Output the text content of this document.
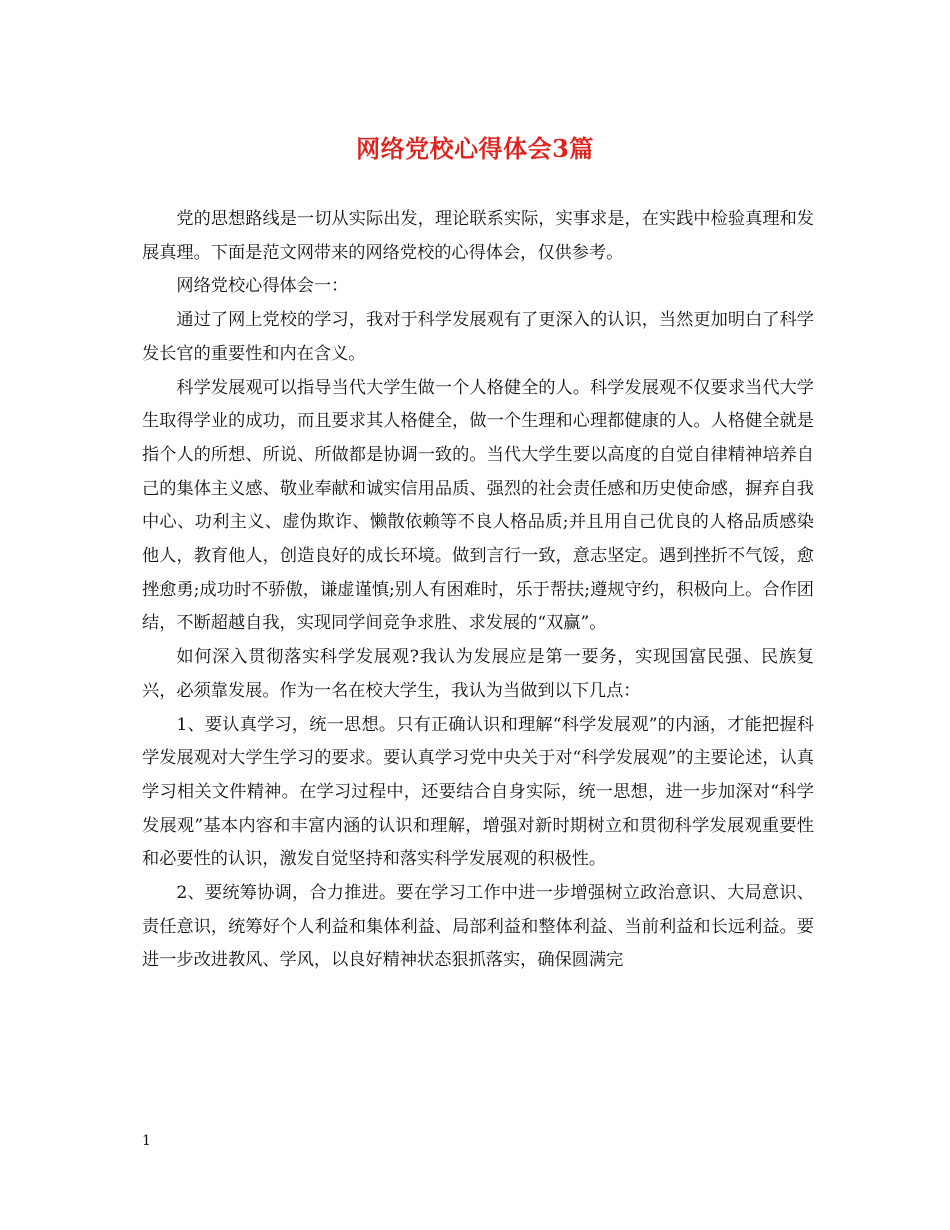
网络党校心得体会3篇

党的思想路线是一切从实际出发，理论联系实际，实事求是，在实践中检验真理和发展真理。下面是范文网带来的网络党校的心得体会，仅供参考。

网络党校心得体会一：

通过了网上党校的学习，我对于科学发展观有了更深入的认识，当然更加明白了科学发长官的重要性和内在含义。

科学发展观可以指导当代大学生做一个人格健全的人。科学发展观不仅要求当代大学生取得学业的成功，而且要求其人格健全，做一个生理和心理都健康的人。人格健全就是指个人的所想、所说、所做都是协调一致的。当代大学生要以高度的自觉自律精神培养自己的集体主义感、敬业奉献和诚实信用品质、强烈的社会责任感和历史使命感，摒弃自我中心、功利主义、虚伪欺诈、懒散依赖等不良人格品质;并且用自己优良的人格品质感染他人，教育他人，创造良好的成长环境。做到言行一致，意志坚定。遇到挫折不气馁，愈挫愈勇;成功时不骄傲，谦虚谨慎;别人有困难时，乐于帮扶;遵规守约，积极向上。合作团结，不断超越自我，实现同学间竞争求胜、求发展的“双赢”。

如何深入贯彻落实科学发展观?我认为发展应是第一要务，实现国富民强、民族复兴，必须靠发展。作为一名在校大学生，我认为当做到以下几点：

1、要认真学习，统一思想。只有正确认识和理解“科学发展观”的内涵，才能把握科学发展观对大学生学习的要求。要认真学习党中央关于对“科学发展观”的主要论述，认真学习相关文件精神。在学习过程中，还要结合自身实际，统一思想，进一步加深对“科学发展观”基本内容和丰富内涵的认识和理解，增强对新时期树立和贯彻科学发展观重要性和必要性的认识，激发自觉坚持和落实科学发展观的积极性。

2、要统筹协调，合力推进。要在学习工作中进一步增强树立政治意识、大局意识、责任意识，统筹好个人利益和集体利益、局部利益和整体利益、当前利益和长远利益。要进一步改进教风、学风，以良好精神状态狠抓落实，确保圆满完

1
